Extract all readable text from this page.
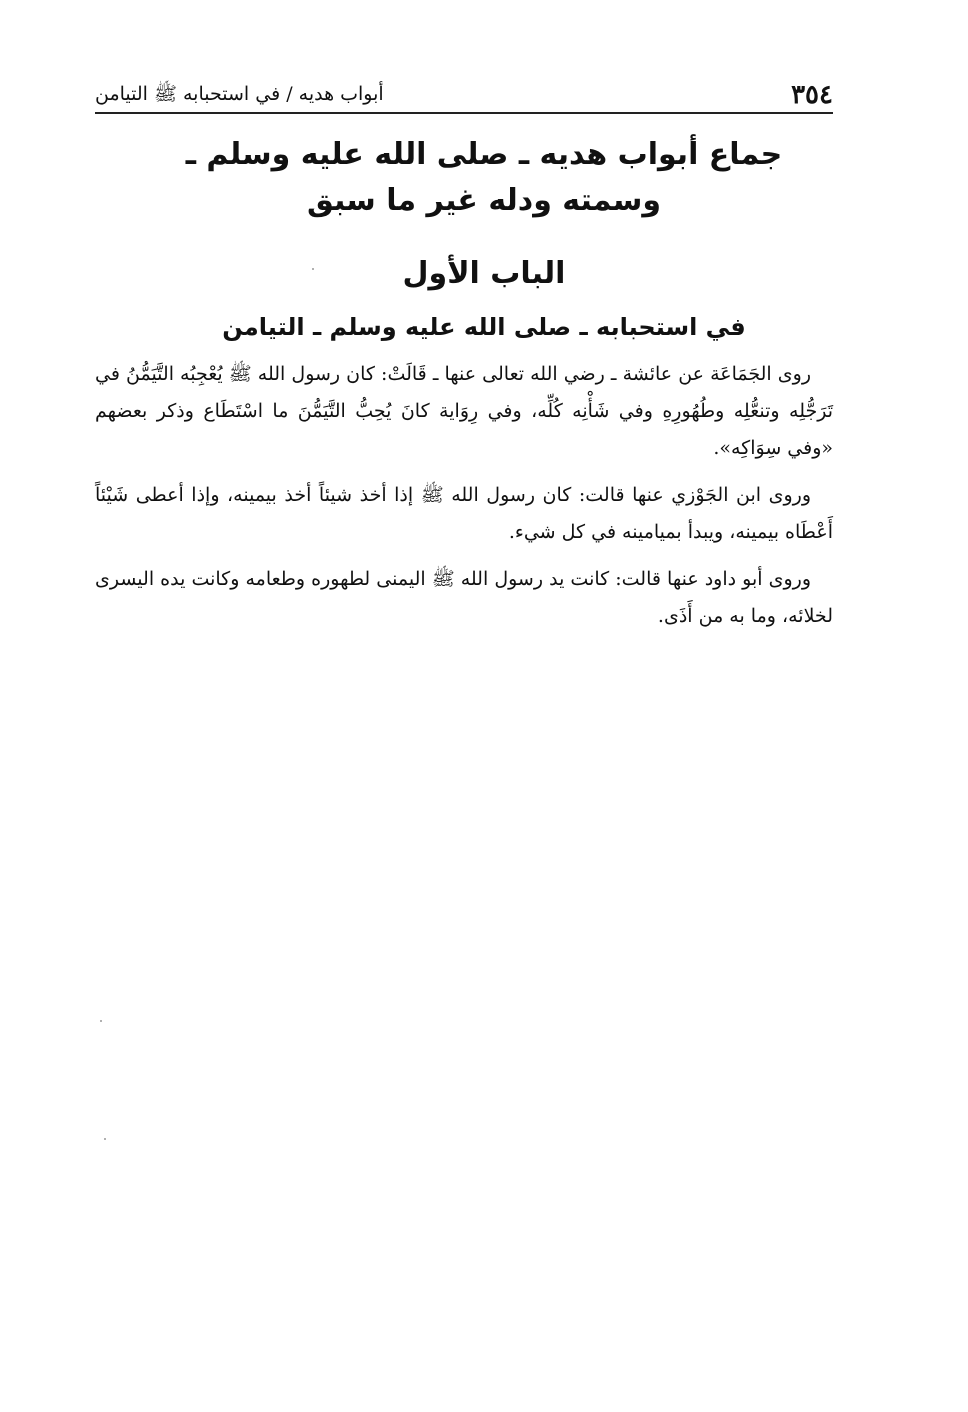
٣٥٤
أبواب هديه / في استحبابه ﷺ التيامن
جماع أبواب هديه ـ صلى الله عليه وسلم ـ
وسمته ودله غير ما سبق
الباب الأول
في استحبابه ـ صلى الله عليه وسلم ـ التيامن

روى الجَمَاعَة عن عائشة ـ رضي الله تعالى عنها ـ قَالَتْ: كان رسول الله ﷺ يُعْجِبُه التَّيَمُّنُ في تَرَجُّلِه وتنعُّلِه وطُهُورِهِ وفي شَأْنِه كُلِّه، وفي رِوَاية كانَ يُحِبُّ التَّيَمُّنَ ما اسْتَطَاع وذكر بعضهم «وفي سِوَاكِه».

وروى ابن الجَوْزي عنها قالت: كان رسول الله ﷺ إذا أخذ شيئاً أخذ بيمينه، وإذا أعطى شَيْئاً أَعْطَاه بيمينه، ويبدأ بميامينه في كل شيء.

وروى أبو داود عنها قالت: كانت يد رسول الله ﷺ اليمنى لطهوره وطعامه وكانت يده اليسرى لخلائه، وما به من أَذَى.
